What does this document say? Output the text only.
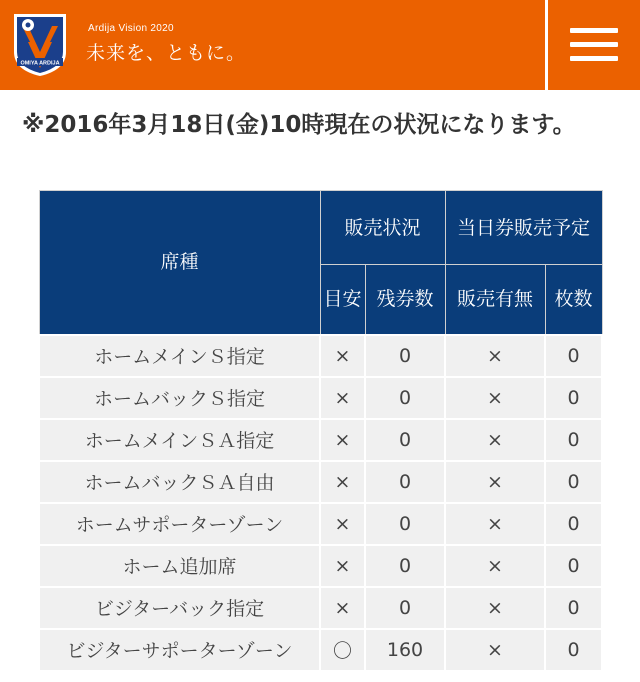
OMIYA ARDIJA
Ardija Vision 2020
未来を、ともに。

※2016年3月18日(金)10時現在の状況になります。

席種	販売状況		当日券販売予定	
	目安	残券数	販売有無	枚数
ホームメインＳ指定	×	0	×	0
ホームバックＳ指定	×	0	×	0
ホームメインＳＡ指定	×	0	×	0
ホームバックＳＡ自由	×	0	×	0
ホームサポーターゾーン	×	0	×	0
ホーム追加席	×	0	×	0
ビジターバック指定	×	0	×	0
ビジターサポーターゾーン	〇	160	×	0
